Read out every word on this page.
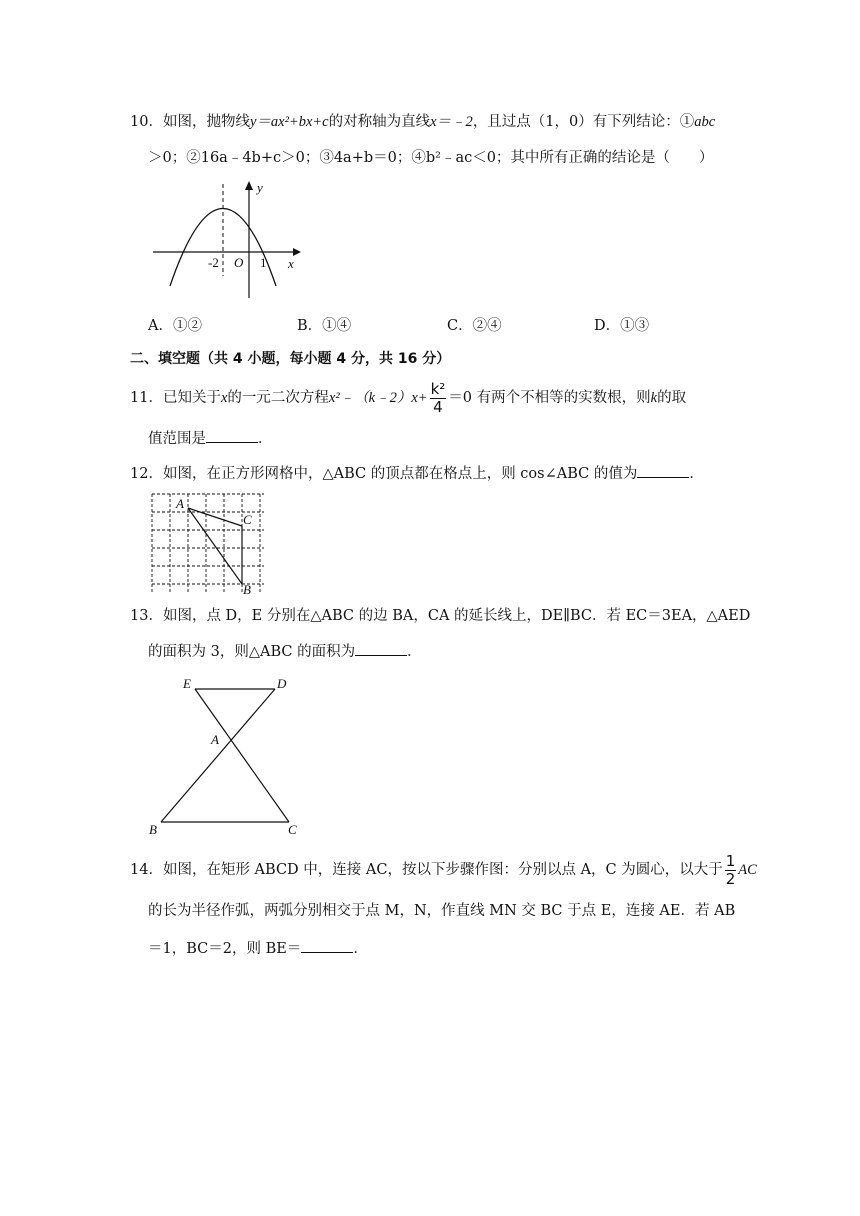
10．如图，抛物线y＝ax²+bx+c的对称轴为直线x＝﹣2，且过点（1，0）有下列结论：①abc
＞0；②16a﹣4b+c＞0；③4a+b＝0；④b²﹣ac＜0；其中所有正确的结论是（　　）
y
x
O
-2	1
A．①②	B．①④	C．②④	D．①③
二、填空题（共 4 小题，每小题 4 分，共 16 分）
11．已知关于x的一元二次方程x²﹣（k﹣2）x+ $\frac{\text{k²}}{4} =0$ 有两个不相等的实数根，则k的取
值范围是	．
12．如图，在正方形网格中，△ABC 的顶点都在格点上，则 cos∠ABC 的值为	．
A
C
B
13．如图，点 D，E 分别在△ABC 的边 BA，CA 的延长线上，DE∥BC．若 EC＝3EA，△AED
的面积为 3，则△ABC 的面积为	．
E	D
A
B	C
14．如图，在矩形 ABCD 中，连接 AC，按以下步骤作图：分别以点 A，C 为圆心，以大于 $\frac{1}{2}$ AC
的长为半径作弧，两弧分别相交于点 M，N，作直线 MN 交 BC 于点 E，连接 AE．若 AB
＝1，BC＝2，则 BE＝	．
